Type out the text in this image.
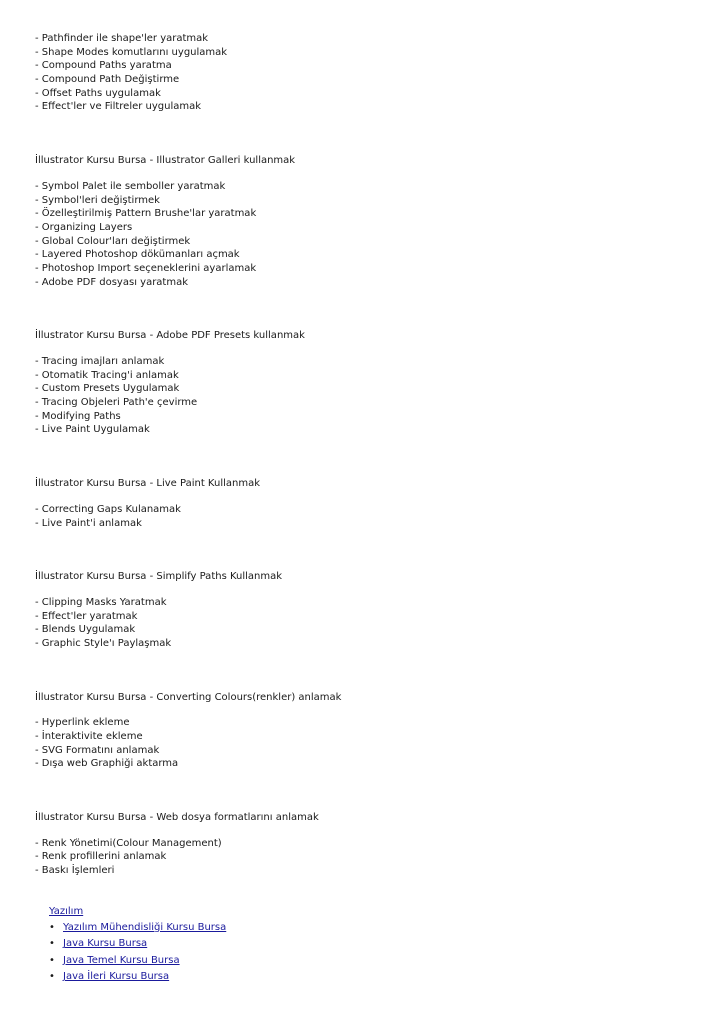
- Pathfinder ile shape'ler yaratmak
- Shape Modes komutlarını uygulamak
- Compound Paths yaratma
- Compound Path Değiştirme
- Offset Paths uygulamak
- Effect'ler ve Filtreler uygulamak
İllustrator Kursu Bursa - Illustrator Galleri kullanmak
- Symbol Palet ile semboller yaratmak
- Symbol'leri değiştirmek
- Özelleştirilmiş Pattern Brushe'lar yaratmak
- Organizing Layers
- Global Colour'ları değiştirmek
- Layered Photoshop dökümanları açmak
- Photoshop Import seçeneklerini ayarlamak
- Adobe PDF dosyası yaratmak
İllustrator Kursu Bursa - Adobe PDF Presets kullanmak
- Tracing imajları anlamak
- Otomatik Tracing'i anlamak
- Custom Presets Uygulamak
- Tracing Objeleri Path'e çevirme
- Modifying Paths
- Live Paint Uygulamak
İllustrator Kursu Bursa - Live Paint Kullanmak
- Correcting Gaps Kulanamak
- Live Paint'i anlamak
İllustrator Kursu Bursa - Simplify Paths Kullanmak
- Clipping Masks Yaratmak
- Effect'ler yaratmak
- Blends Uygulamak
- Graphic Style'ı Paylaşmak
İllustrator Kursu Bursa - Converting Colours(renkler) anlamak
- Hyperlink ekleme
- İnteraktivite ekleme
- SVG Formatını anlamak
- Dışa web Graphiği aktarma
İllustrator Kursu Bursa - Web dosya formatlarını anlamak
- Renk Yönetimi(Colour Management)
- Renk profillerini anlamak
- Baskı İşlemleri
Yazılım
• Yazılım Mühendisliği Kursu Bursa
• Java Kursu Bursa
• Java Temel Kursu Bursa
• Java İleri Kursu Bursa
